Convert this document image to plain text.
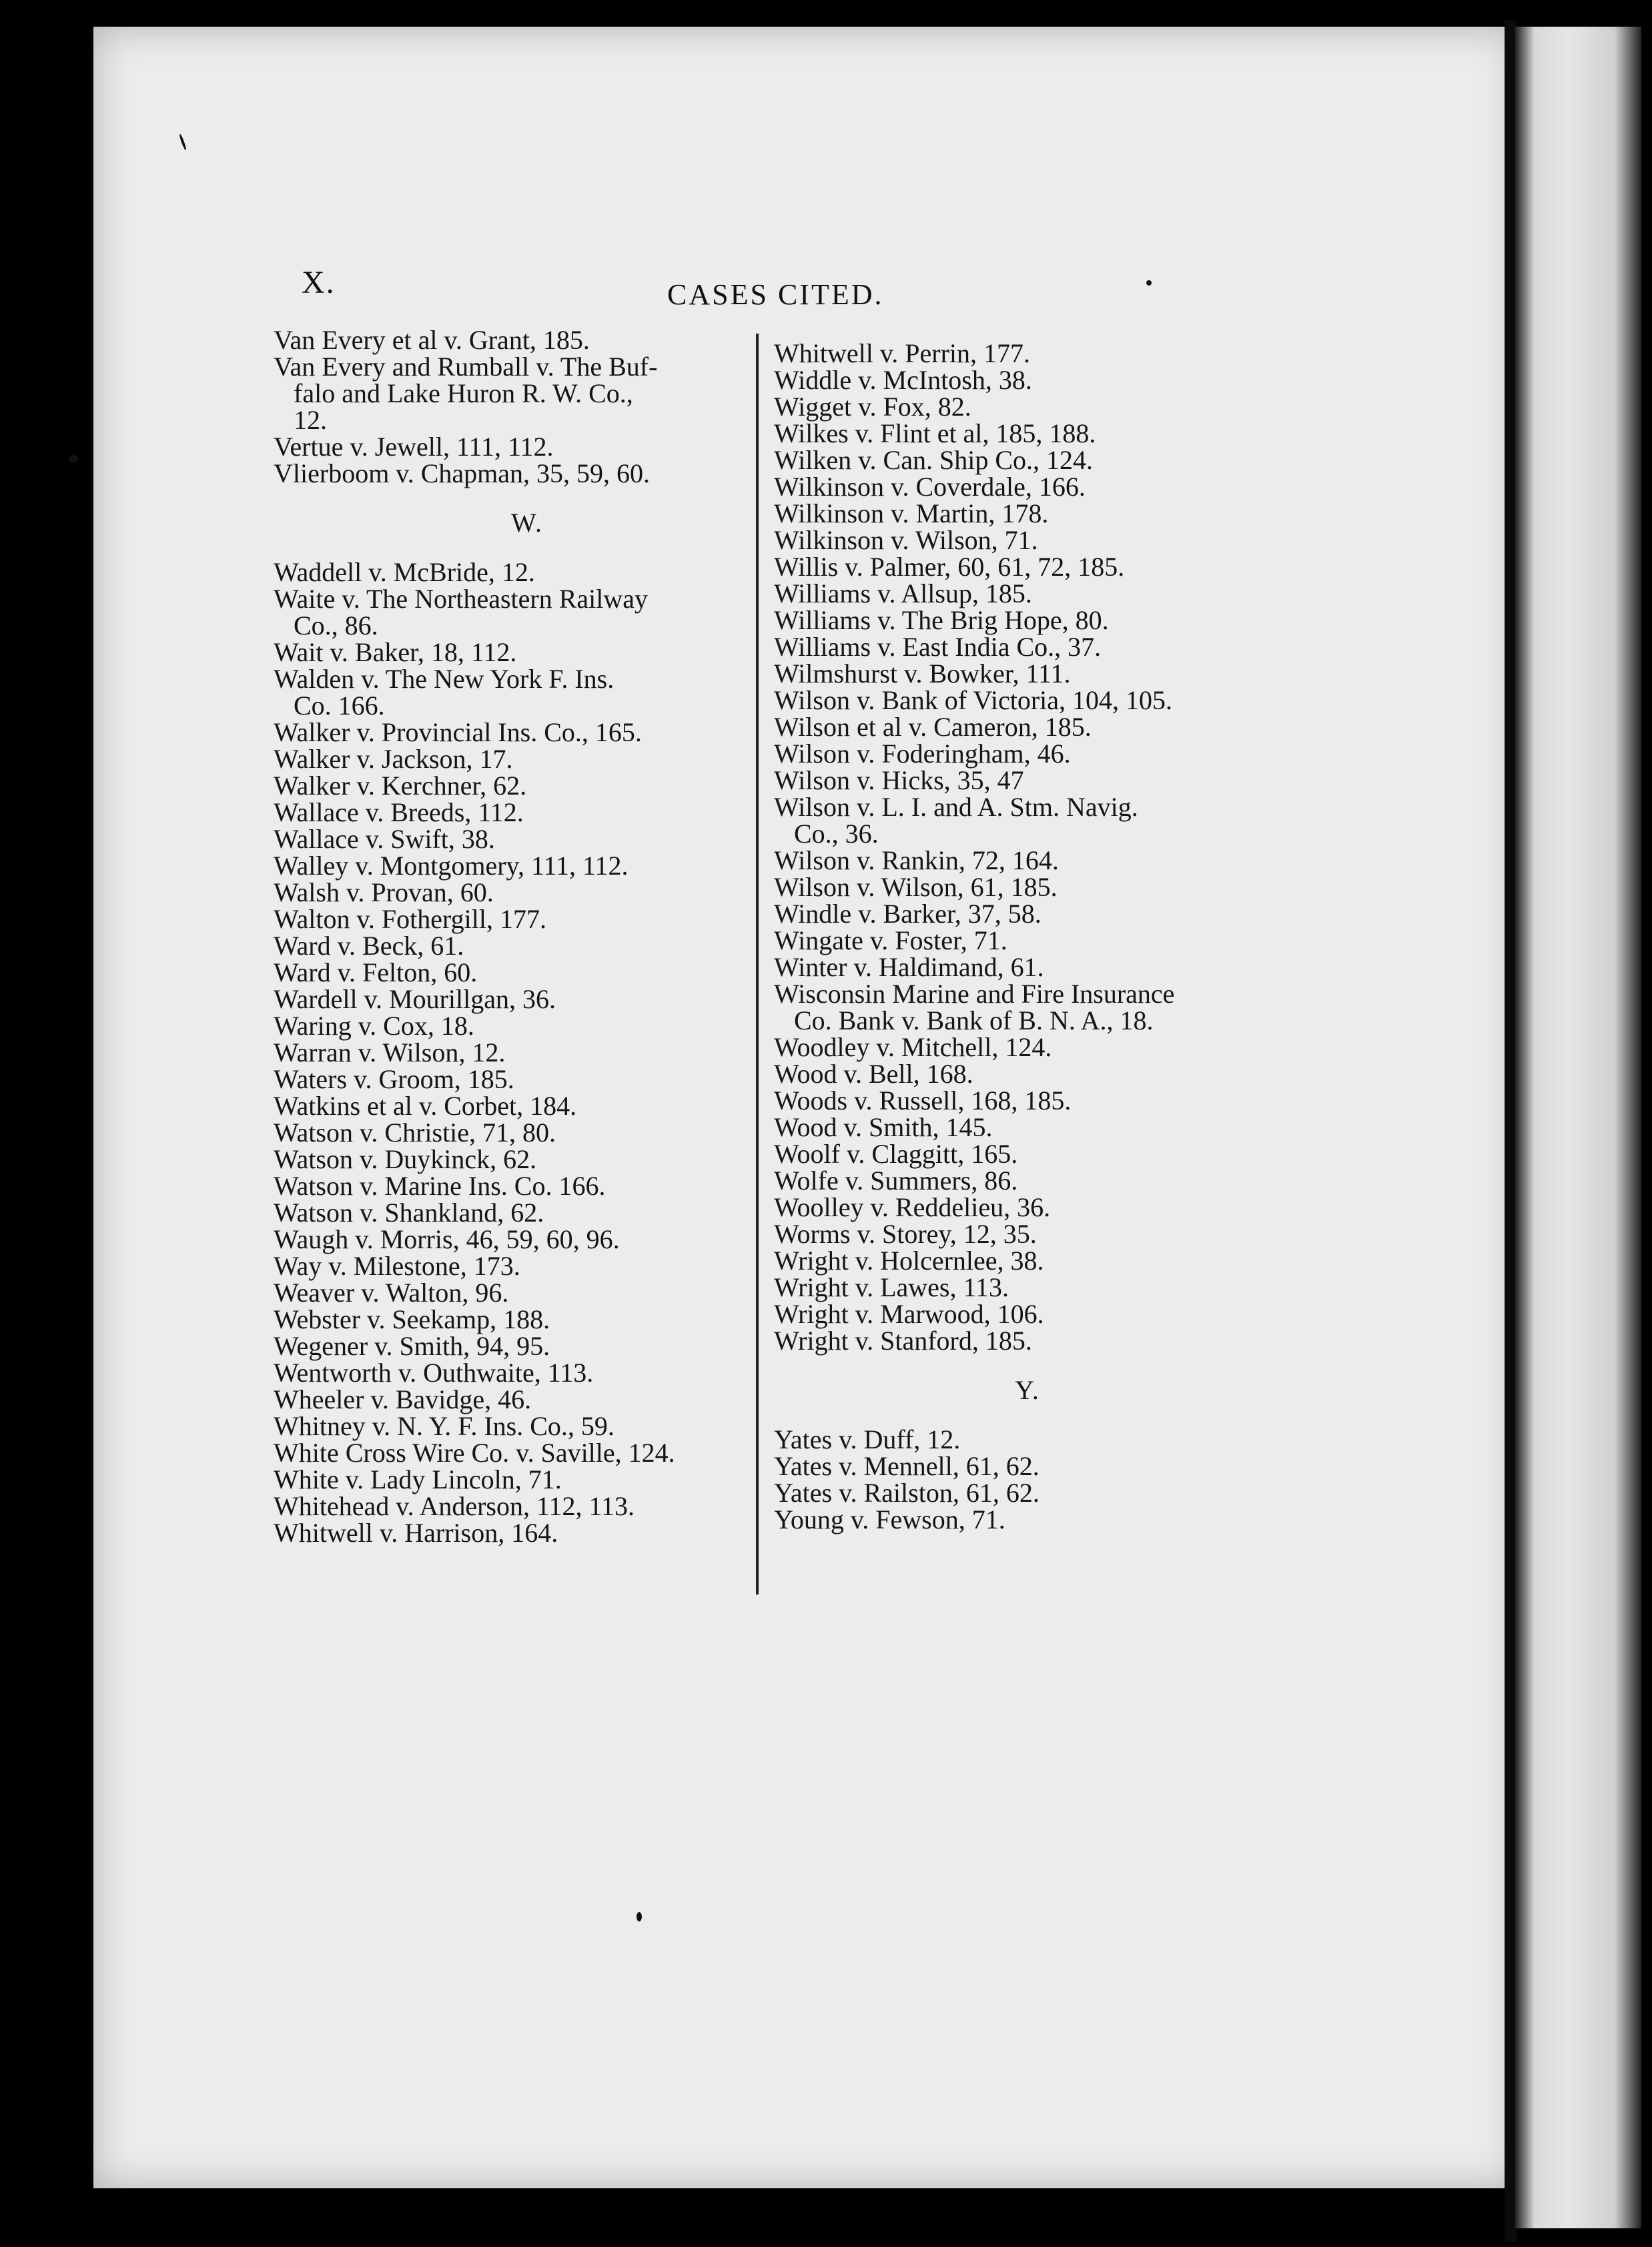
X.	CASES CITED.
Van Every et al v. Grant, 185.
Van Every and Rumball v. The Buf-
falo and Lake Huron R. W. Co.,
12.
Vertue v. Jewell, 111, 112.
Vlierboom v. Chapman, 35, 59, 60.
W.
Waddell v. McBride, 12.
Waite v. The Northeastern Railway
Co., 86.
Wait v. Baker, 18, 112.
Walden v. The New York F. Ins.
Co. 166.
Walker v. Provincial Ins. Co., 165.
Walker v. Jackson, 17.
Walker v. Kerchner, 62.
Wallace v. Breeds, 112.
Wallace v. Swift, 38.
Walley v. Montgomery, 111, 112.
Walsh v. Provan, 60.
Walton v. Fothergill, 177.
Ward v. Beck, 61.
Ward v. Felton, 60.
Wardell v. Mourillgan, 36.
Waring v. Cox, 18.
Warran v. Wilson, 12.
Waters v. Groom, 185.
Watkins et al v. Corbet, 184.
Watson v. Christie, 71, 80.
Watson v. Duykinck, 62.
Watson v. Marine Ins. Co. 166.
Watson v. Shankland, 62.
Waugh v. Morris, 46, 59, 60, 96.
Way v. Milestone, 173.
Weaver v. Walton, 96.
Webster v. Seekamp, 188.
Wegener v. Smith, 94, 95.
Wentworth v. Outhwaite, 113.
Wheeler v. Bavidge, 46.
Whitney v. N. Y. F. Ins. Co., 59.
White Cross Wire Co. v. Saville, 124.
White v. Lady Lincoln, 71.
Whitehead v. Anderson, 112, 113.
Whitwell v. Harrison, 164.
Whitwell v. Perrin, 177.
Widdle v. McIntosh, 38.
Wigget v. Fox, 82.
Wilkes v. Flint et al, 185, 188.
Wilken v. Can. Ship Co., 124.
Wilkinson v. Coverdale, 166.
Wilkinson v. Martin, 178.
Wilkinson v. Wilson, 71.
Willis v. Palmer, 60, 61, 72, 185.
Williams v. Allsup, 185.
Williams v. The Brig Hope, 80.
Williams v. East India Co., 37.
Wilmshurst v. Bowker, 111.
Wilson v. Bank of Victoria, 104, 105.
Wilson et al v. Cameron, 185.
Wilson v. Foderingham, 46.
Wilson v. Hicks, 35, 47
Wilson v. L. I. and A. Stm. Navig.
Co., 36.
Wilson v. Rankin, 72, 164.
Wilson v. Wilson, 61, 185.
Windle v. Barker, 37, 58.
Wingate v. Foster, 71.
Winter v. Haldimand, 61.
Wisconsin Marine and Fire Insurance
Co. Bank v. Bank of B. N. A., 18.
Woodley v. Mitchell, 124.
Wood v. Bell, 168.
Woods v. Russell, 168, 185.
Wood v. Smith, 145.
Woolf v. Claggitt, 165.
Wolfe v. Summers, 86.
Woolley v. Reddelieu, 36.
Worms v. Storey, 12, 35.
Wright v. Holcernlee, 38.
Wright v. Lawes, 113.
Wright v. Marwood, 106.
Wright v. Stanford, 185.
Y.
Yates v. Duff, 12.
Yates v. Mennell, 61, 62.
Yates v. Railston, 61, 62.
Young v. Fewson, 71.
